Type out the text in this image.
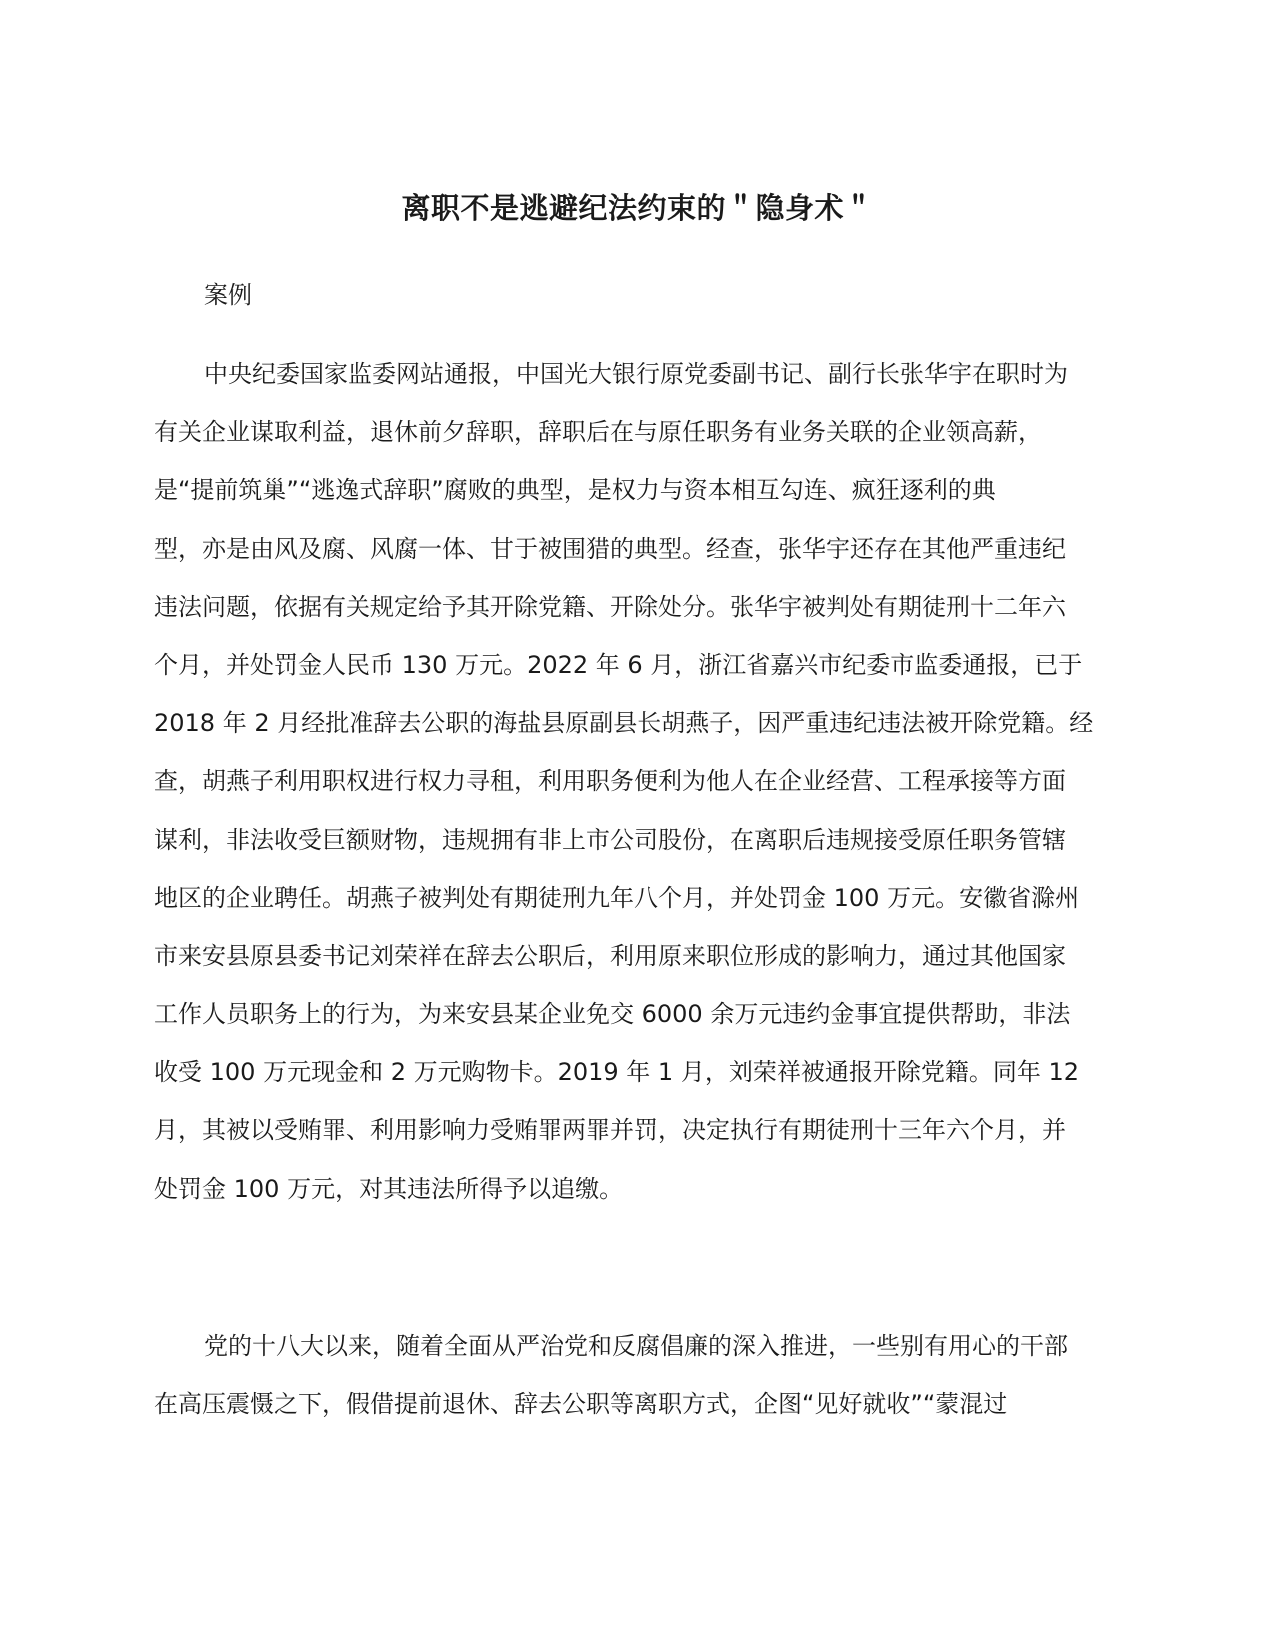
离职不是逃避纪法约束的＂隐身术＂
案例
中央纪委国家监委网站通报，中国光大银行原党委副书记、副行长张华宇在职时为
有关企业谋取利益，退休前夕辞职，辞职后在与原任职务有业务关联的企业领高薪，
是“提前筑巢”“逃逸式辞职”腐败的典型，是权力与资本相互勾连、疯狂逐利的典
型，亦是由风及腐、风腐一体、甘于被围猎的典型。经查，张华宇还存在其他严重违纪
违法问题，依据有关规定给予其开除党籍、开除处分。张华宇被判处有期徒刑十二年六
个月，并处罚金人民币 130 万元。2022 年 6 月，浙江省嘉兴市纪委市监委通报，已于
2018 年 2 月经批准辞去公职的海盐县原副县长胡燕子，因严重违纪违法被开除党籍。经
查，胡燕子利用职权进行权力寻租，利用职务便利为他人在企业经营、工程承接等方面
谋利，非法收受巨额财物，违规拥有非上市公司股份，在离职后违规接受原任职务管辖
地区的企业聘任。胡燕子被判处有期徒刑九年八个月，并处罚金 100 万元。安徽省滁州
市来安县原县委书记刘荣祥在辞去公职后，利用原来职位形成的影响力，通过其他国家
工作人员职务上的行为，为来安县某企业免交 6000 余万元违约金事宜提供帮助，非法
收受 100 万元现金和 2 万元购物卡。2019 年 1 月，刘荣祥被通报开除党籍。同年 12
月，其被以受贿罪、利用影响力受贿罪两罪并罚，决定执行有期徒刑十三年六个月，并
处罚金 100 万元，对其违法所得予以追缴。
党的十八大以来，随着全面从严治党和反腐倡廉的深入推进，一些别有用心的干部
在高压震慑之下，假借提前退休、辞去公职等离职方式，企图“见好就收”“蒙混过
